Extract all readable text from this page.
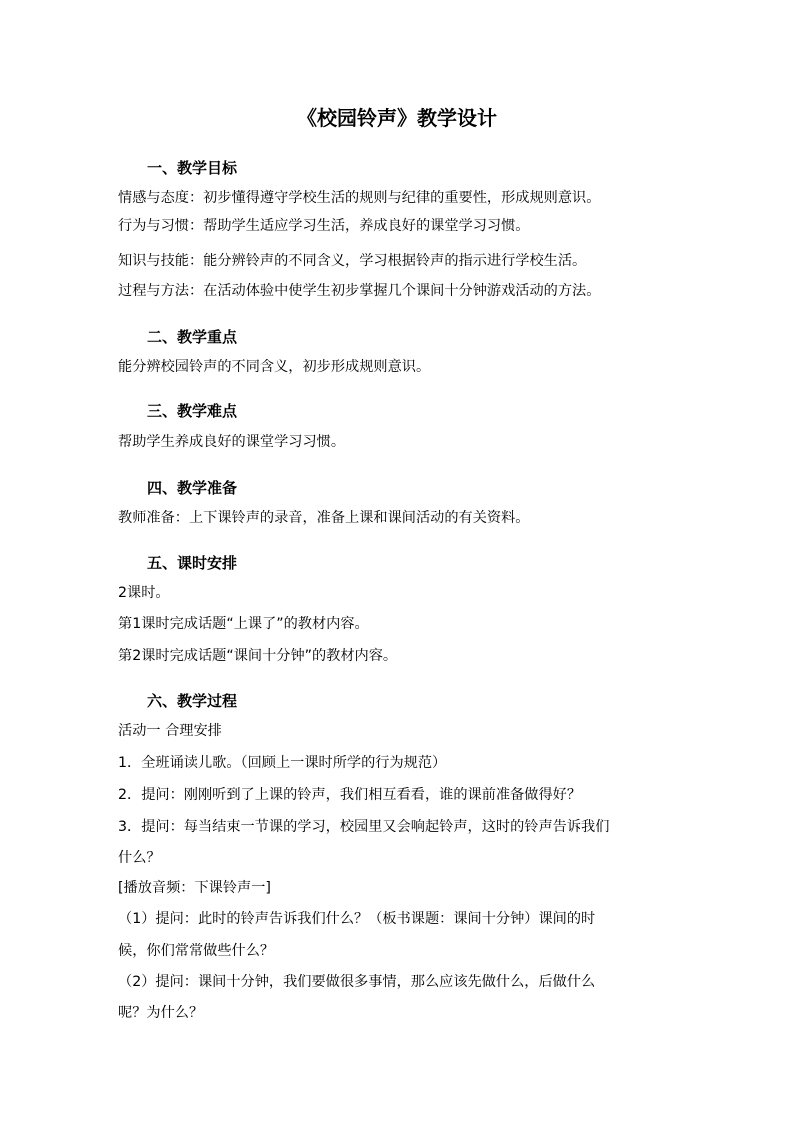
《校园铃声》教学设计
一、教学目标
情感与态度：初步懂得遵守学校生活的规则与纪律的重要性，形成规则意识。
行为与习惯：帮助学生适应学习生活，养成良好的课堂学习习惯。
知识与技能：能分辨铃声的不同含义，学习根据铃声的指示进行学校生活。
过程与方法：在活动体验中使学生初步掌握几个课间十分钟游戏活动的方法。
二、教学重点
能分辨校园铃声的不同含义，初步形成规则意识。
三、教学难点
帮助学生养成良好的课堂学习习惯。
四、教学准备
教师准备：上下课铃声的录音，准备上课和课间活动的有关资料。
五、课时安排
2课时。
第1课时完成话题“上课了”的教材内容。
第2课时完成话题“课间十分钟”的教材内容。
六、教学过程
活动一 合理安排
1．全班诵读儿歌。（回顾上一课时所学的行为规范）
2．提问：刚刚听到了上课的铃声，我们相互看看，谁的课前准备做得好？
3．提问：每当结束一节课的学习，校园里又会响起铃声，这时的铃声告诉我们
什么？
[播放音频：下课铃声一]
（1）提问：此时的铃声告诉我们什么？（板书课题：课间十分钟）课间的时
候，你们常常做些什么？
（2）提问：课间十分钟，我们要做很多事情，那么应该先做什么，后做什么
呢？为什么？
